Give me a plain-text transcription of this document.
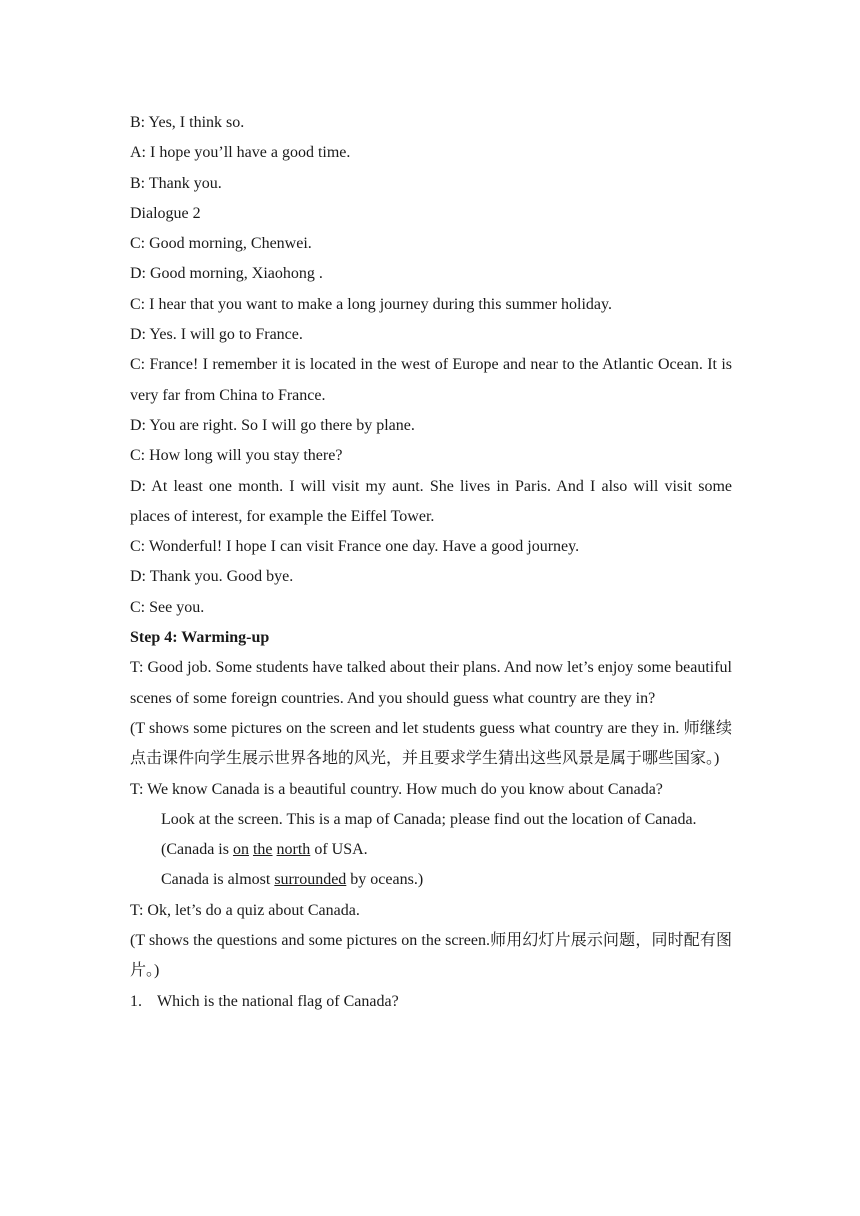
B: Yes, I think so.

A: I hope you’ll have a good time.

B: Thank you.

Dialogue 2

C: Good morning, Chenwei.

D: Good morning, Xiaohong .

C: I hear that you want to make a long journey during this summer holiday.

D: Yes. I will go to France.

C: France! I remember it is located in the west of Europe and near to the Atlantic Ocean. It is very far from China to France.

D: You are right. So I will go there by plane.

C: How long will you stay there?

D: At least one month. I will visit my aunt. She lives in Paris. And I also will visit some places of interest, for example the Eiffel Tower.

C: Wonderful! I hope I can visit France one day. Have a good journey.

D: Thank you. Good bye.

C: See you.

Step 4: Warming-up

T: Good job. Some students have talked about their plans. And now let’s enjoy some beautiful scenes of some foreign countries. And you should guess what country are they in?

(T shows some pictures on the screen and let students guess what country are they in. 师继续点击课件向学生展示世界各地的风光，并且要求学生猜出这些风景是属于哪些国家。)

T: We know Canada is a beautiful country. How much do you know about Canada?

Look at the screen. This is a map of Canada; please find out the location of Canada.

(Canada is on the north of USA.

Canada is almost surrounded by oceans.)

T: Ok, let’s do a quiz about Canada.

(T shows the questions and some pictures on the screen.师用幻灯片展示问题，同时配有图片。)

1. Which is the national flag of Canada?
